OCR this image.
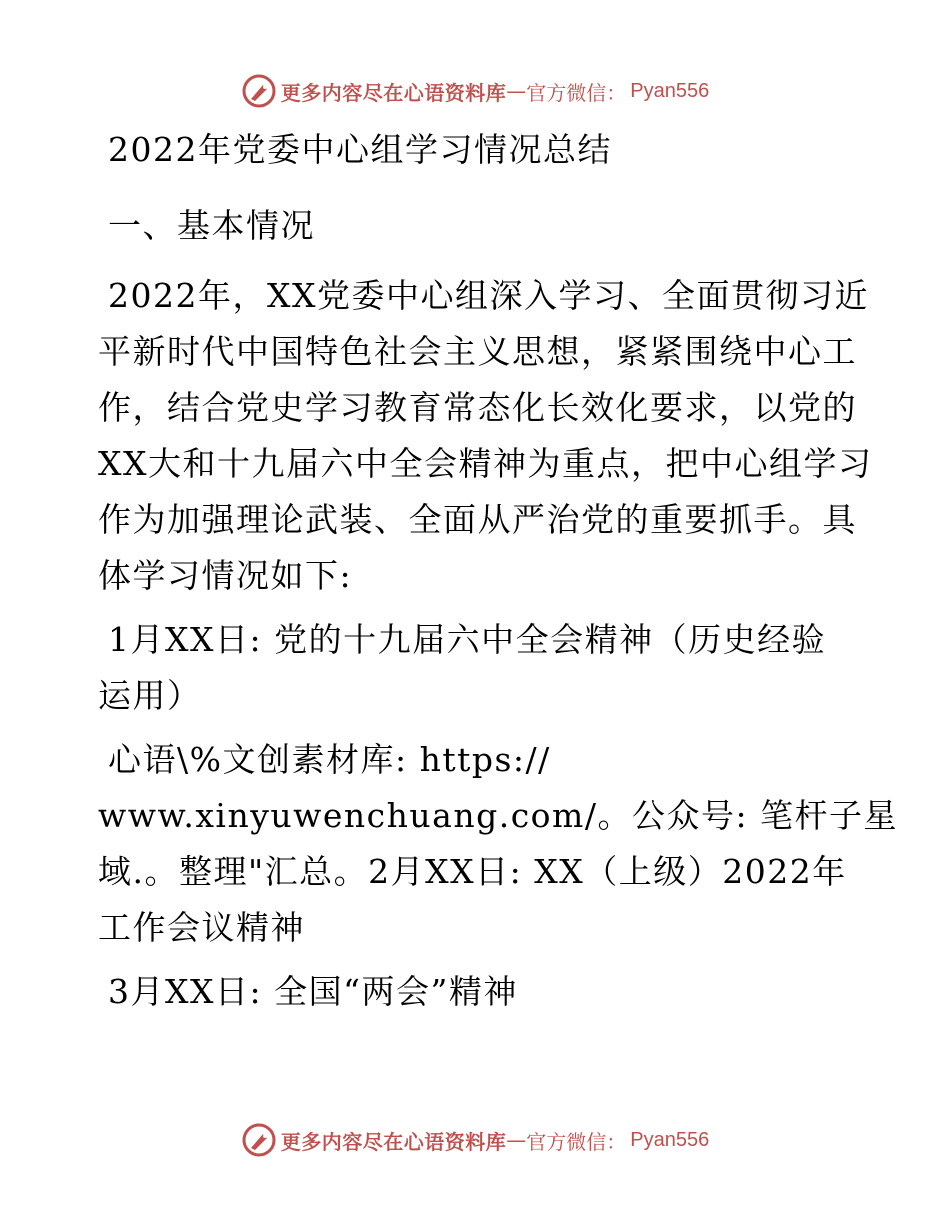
更多内容尽在心语资料库 — 官方微信： Pyan556

2022年党委中心组学习情况总结

一、基本情况

2022年，XX党委中心组深入学习、全面贯彻习近
平新时代中国特色社会主义思想，紧紧围绕中心工
作，结合党史学习教育常态化长效化要求，以党的
XX大和十九届六中全会精神为重点，把中心组学习
作为加强理论武装、全面从严治党的重要抓手。具
体学习情况如下:

1月XX日: 党的十九届六中全会精神（历史经验
运用）

心语\%文创素材库: https://
www.xinyuwenchuang.com/。公众号: 笔杆子星
域.。整理"汇总。2月XX日: XX（上级）2022年
工作会议精神

3月XX日: 全国“两会”精神

更多内容尽在心语资料库 — 官方微信： Pyan556
